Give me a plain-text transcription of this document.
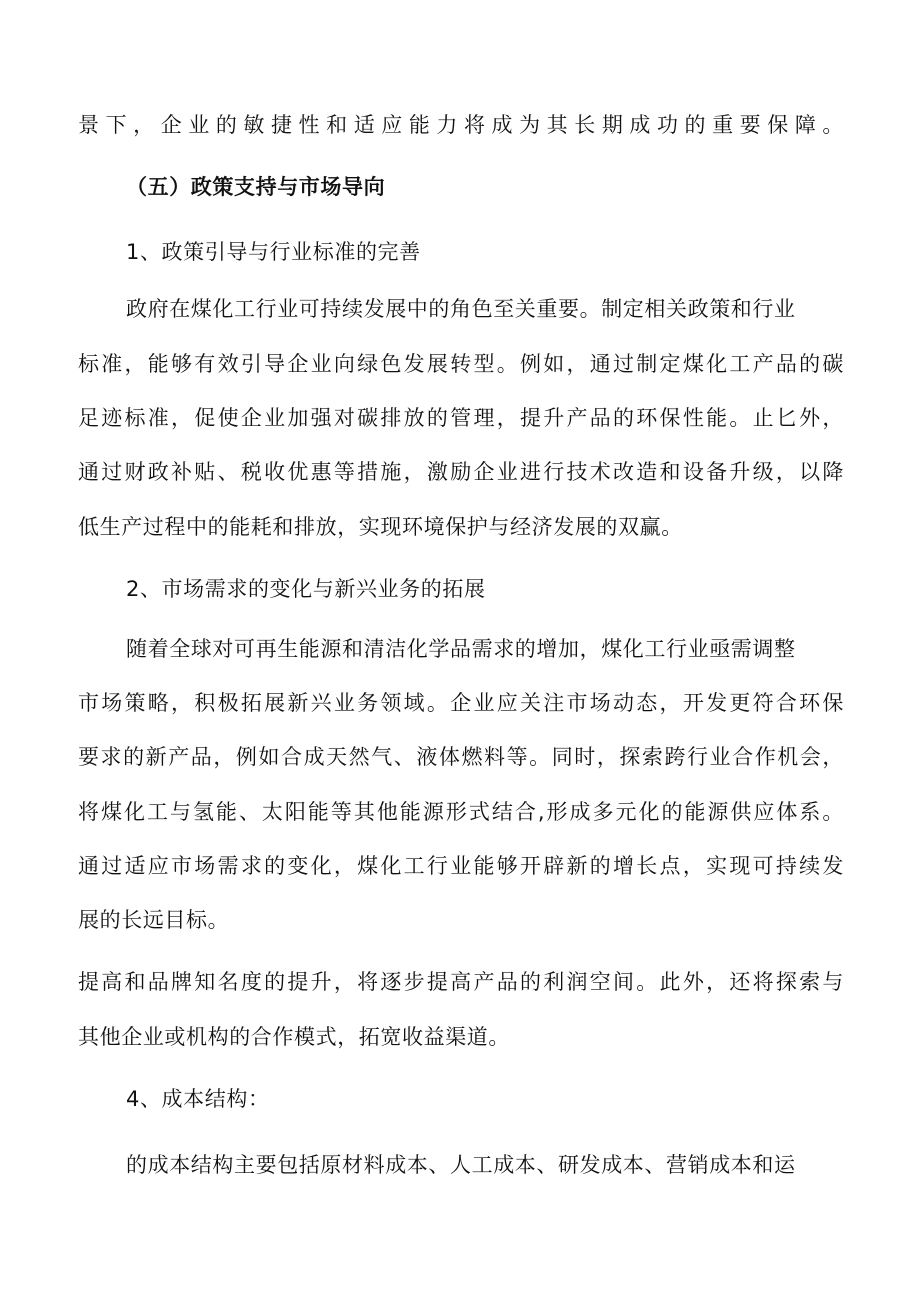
景下，企业的敏捷性和适应能力将成为其长期成功的重要保障。
（五）政策支持与市场导向
1、政策引导与行业标准的完善
政府在煤化工行业可持续发展中的角色至关重要。制定相关政策和行业
标准，能够有效引导企业向绿色发展转型。例如，通过制定煤化工产品的碳
足迹标准，促使企业加强对碳排放的管理，提升产品的环保性能。止匕外，
通过财政补贴、税收优惠等措施，激励企业进行技术改造和设备升级，以降
低生产过程中的能耗和排放，实现环境保护与经济发展的双赢。
2、市场需求的变化与新兴业务的拓展
随着全球对可再生能源和清洁化学品需求的增加，煤化工行业亟需调整
市场策略，积极拓展新兴业务领域。企业应关注市场动态，开发更符合环保
要求的新产品，例如合成天然气、液体燃料等。同时，探索跨行业合作机会，
将煤化工与氢能、太阳能等其他能源形式结合,形成多元化的能源供应体系。
通过适应市场需求的变化，煤化工行业能够开辟新的增长点，实现可持续发
展的长远目标。
提高和品牌知名度的提升，将逐步提高产品的利润空间。此外，还将探索与
其他企业或机构的合作模式，拓宽收益渠道。
4、成本结构：
的成本结构主要包括原材料成本、人工成本、研发成本、营销成本和运
